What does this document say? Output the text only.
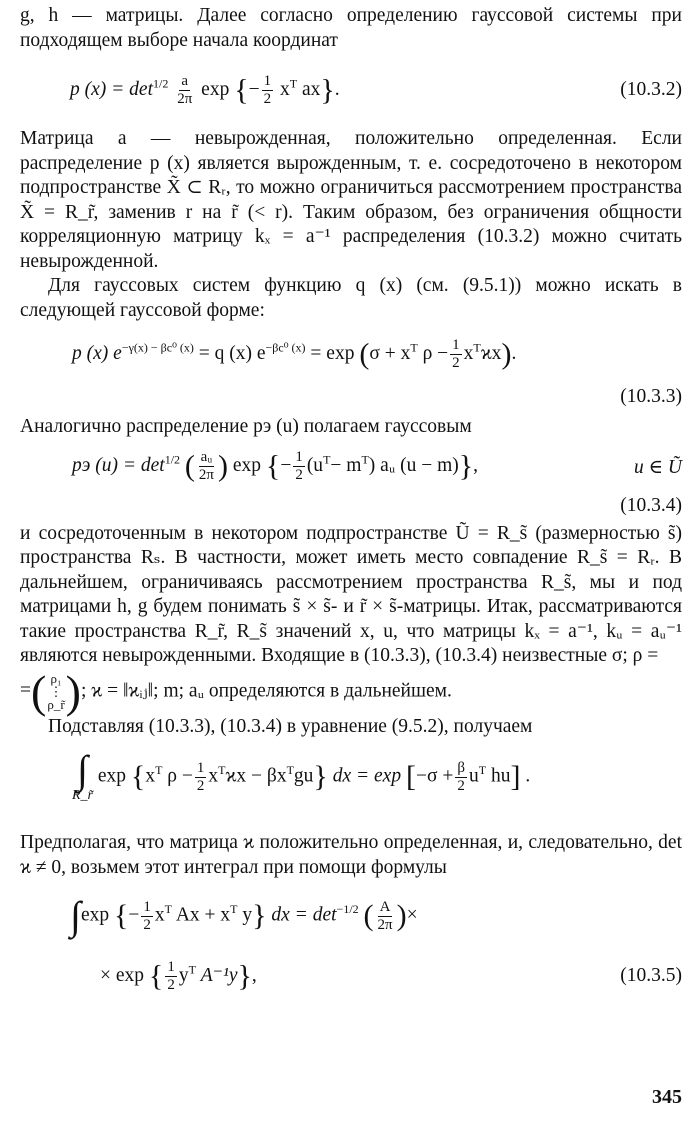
g, h — матрицы. Далее согласно определению гауссовой системы при подходящем выборе начала координат

p $(x) = \det^{1/2} \frac{a}{2\pi}$ exp {− $\frac{1}{2} x^T$ ax}.	(10.3.2)

Матрица a — невырожденная, положительно определенная. Если распределение p (x) является вырожденным, т. е. сосредоточено в некотором подпространстве X̃ ⊂ Rᵣ, то можно ограничиться рассмотрением пространства X̃ = R_r̃, заменив r на r̃ (< r). Таким образом, без ограничения общности корреляционную матрицу kₓ = a⁻¹ распределения (10.3.2) можно считать невырожденной.

Для гауссовых систем функцию q (x) (см. (9.5.1)) можно искать в следующей гауссовой форме:

p (x) $e^{-\gamma(x) - \beta c^0 (x)} = q$ (x) $e^{-\beta c^0 (x)} = \exp (\sigma + x^T$ $\rho - \frac{1}{2} x^Tϰx$).
(10.3.3)

Аналогично распределение pэ (u) полагаем гауссовым

pэ $(u) = \det^{1/2}$ ( $\frac{\text{aᵤ}}{2\pi}$ ) exp {− $\frac{1}{2} (u^T- m^T)$ aᵤ (u − m)},	u ∈ Ũ
(10.3.4)

и сосредоточенным в некотором подпространстве Ũ = R_s̃ (размерностью s̃) пространства Rₛ. В частности, может иметь место совпадение R_s̃ = Rᵣ. В дальнейшем, ограничиваясь рассмотрением пространства R_s̃, мы и под матрицами h, g будем понимать s̃ × s̃- и r̃ × s̃-матрицы. Итак, рассматриваются такие пространства R_r̃, R_s̃ значений x, u, что матрицы kₓ = a⁻¹, kᵤ = aᵤ⁻¹ являются невырожденными. Входящие в (10.3.3), (10.3.4) неизвестные σ; ρ =

= ( ρ₁
⋮
ρ_r̃ ) ; ϰ = ‖ϰᵢⱼ‖; m; aᵤ определяются в дальнейшем.

Подставляя (10.3.3), (10.3.4) в уравнение (9.5.2), получаем

∫
R_r̃
$\exp \{x^T$ $\rho - \frac{1}{2} x^Tϰx - \beta x^Tgu$} dx = $\exp [-\sigma + \frac{\beta}{2} u^T$ hu] .

Предполагая, что матрица ϰ положительно определенная, и, следовательно, det ϰ ≠ 0, возьмем этот интеграл при помощи формулы

∫exp {− $\frac{1}{2} x^T$ $Ax + x^T$ y} dx = $\det^{-1/2}$ ( $\frac{A}{2\pi}$ )×
× exp { $\frac{1}{2} y^T$ A⁻¹y},	(10.3.5)
345
